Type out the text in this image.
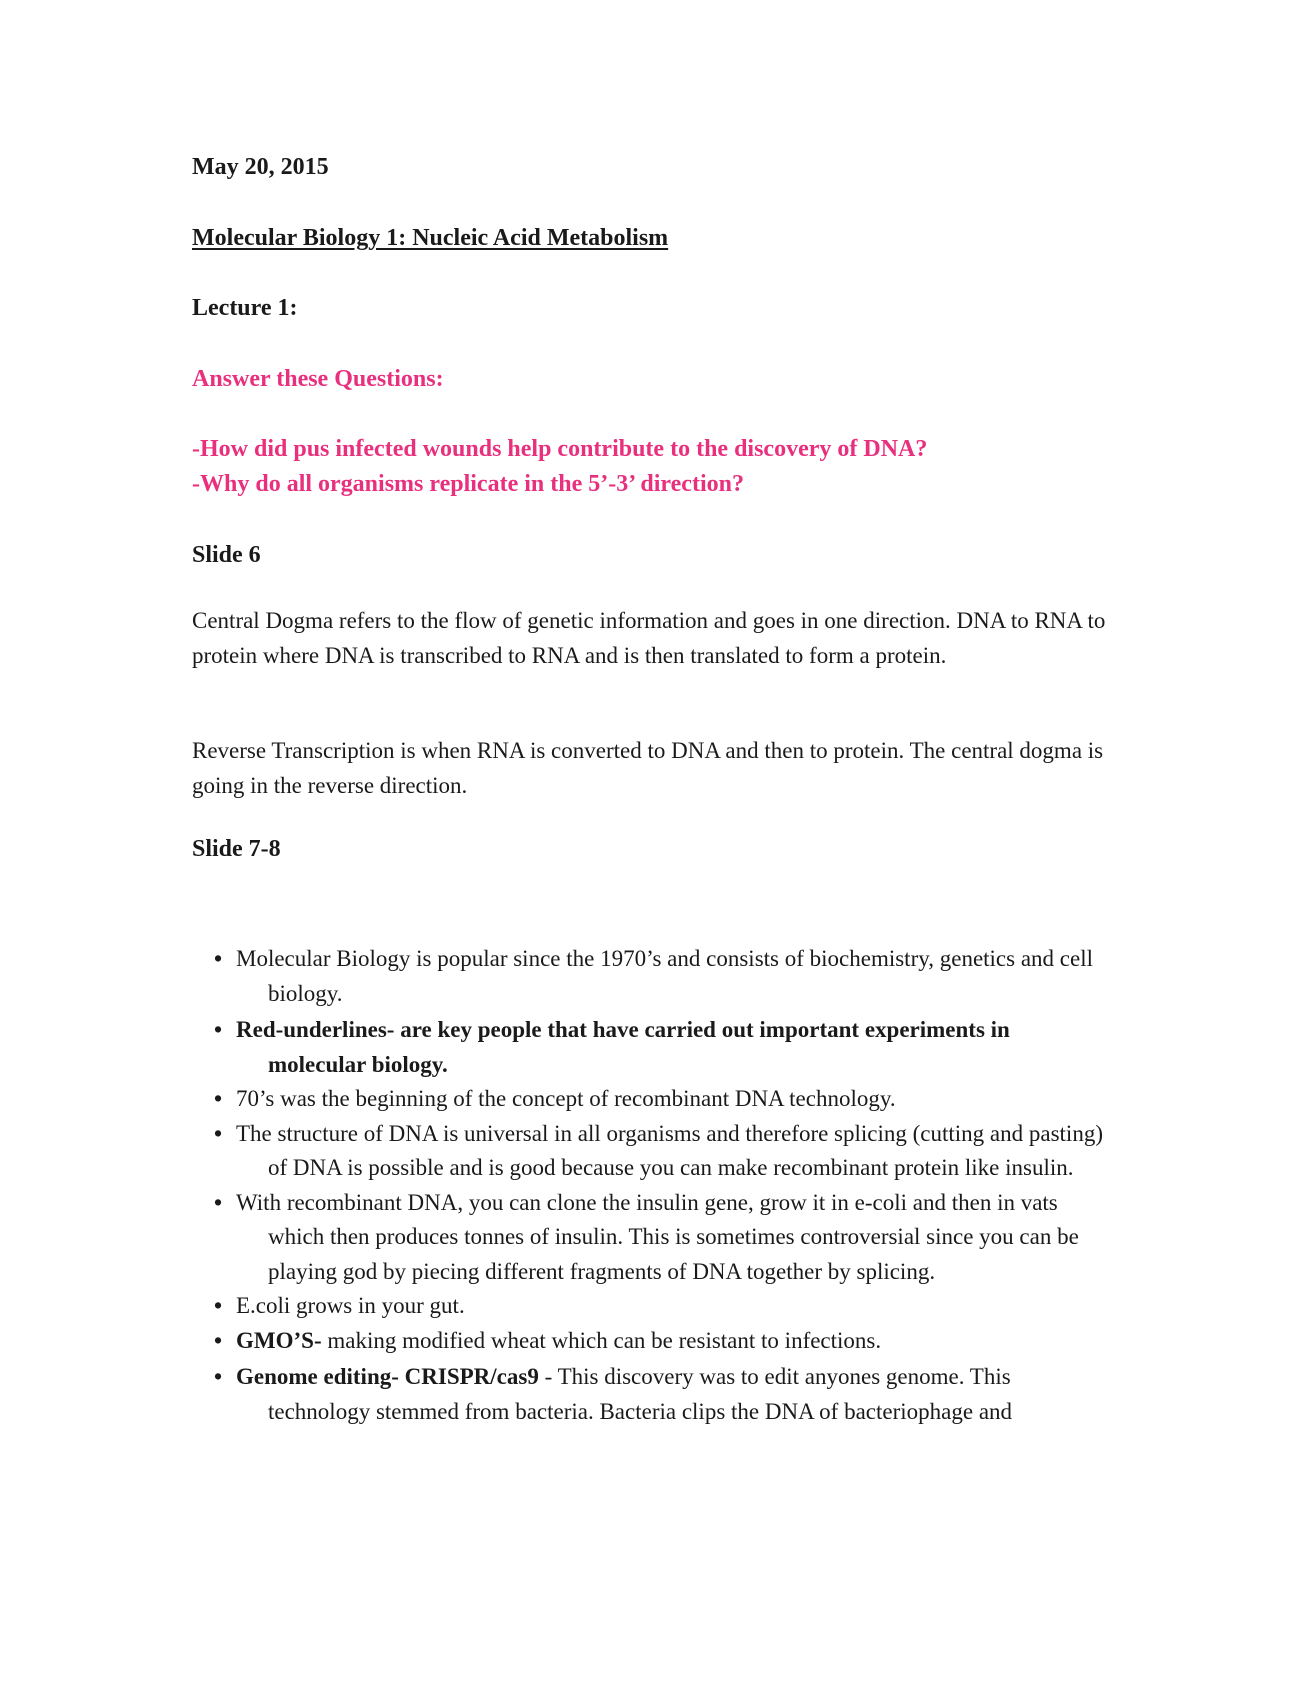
May 20, 2015
Molecular Biology 1: Nucleic Acid Metabolism
Lecture 1:
Answer these Questions:
-How did pus infected wounds help contribute to the discovery of DNA?
-Why do all organisms replicate in the 5’-3’ direction?
Slide 6
Central Dogma refers to the flow of genetic information and goes in one direction. DNA to RNA to protein where DNA is transcribed to RNA and is then translated to form a protein.
Reverse Transcription is when RNA is converted to DNA and then to protein. The central dogma is going in the reverse direction.
Slide 7-8
• Molecular Biology is popular since the 1970’s and consists of biochemistry, genetics and cell biology.
• Red-underlines- are key people that have carried out important experiments in molecular biology.
• 70’s was the beginning of the concept of recombinant DNA technology.
• The structure of DNA is universal in all organisms and therefore splicing (cutting and pasting) of DNA is possible and is good because you can make recombinant protein like insulin.
• With recombinant DNA, you can clone the insulin gene, grow it in e-coli and then in vats which then produces tonnes of insulin. This is sometimes controversial since you can be playing god by piecing different fragments of DNA together by splicing.
• E.coli grows in your gut.
• GMO’S- making modified wheat which can be resistant to infections.
• Genome editing- CRISPR/cas9 - This discovery was to edit anyones genome. This technology stemmed from bacteria. Bacteria clips the DNA of bacteriophage and
